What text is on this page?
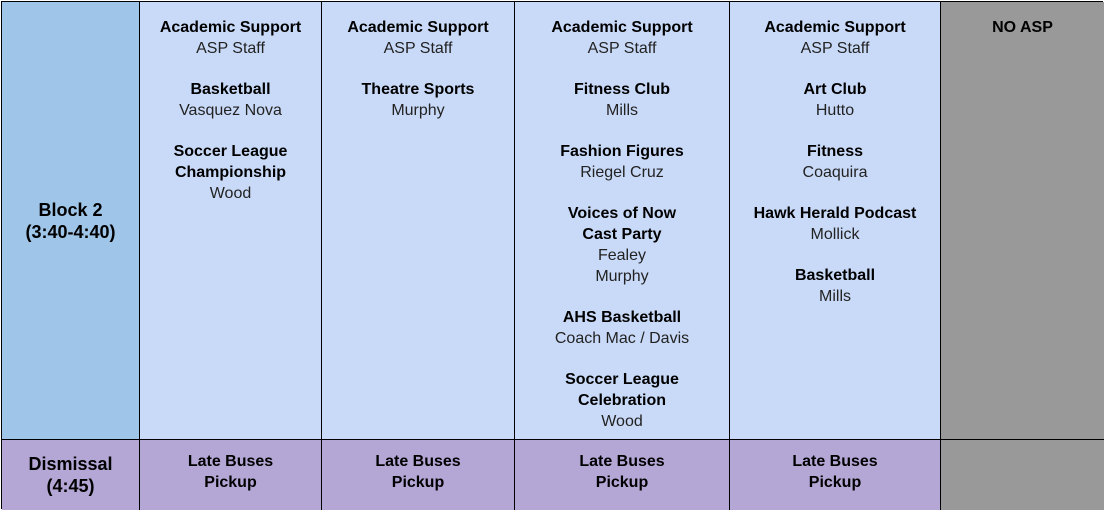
Block 2
(3:40-4:40)
Academic Support
ASP Staff
Basketball
Vasquez Nova
Soccer League
Championship
Wood
Academic Support
ASP Staff
Theatre Sports
Murphy
Academic Support
ASP Staff
Fitness Club
Mills
Fashion Figures
Riegel Cruz
Voices of Now
Cast Party
Fealey
Murphy
AHS Basketball
Coach Mac / Davis
Soccer League
Celebration
Wood
Academic Support
ASP Staff
Art Club
Hutto
Fitness
Coaquira
Hawk Herald Podcast
Mollick
Basketball
Mills
NO ASP
Dismissal
(4:45)
Late Buses
Pickup
Late Buses
Pickup
Late Buses
Pickup
Late Buses
Pickup
